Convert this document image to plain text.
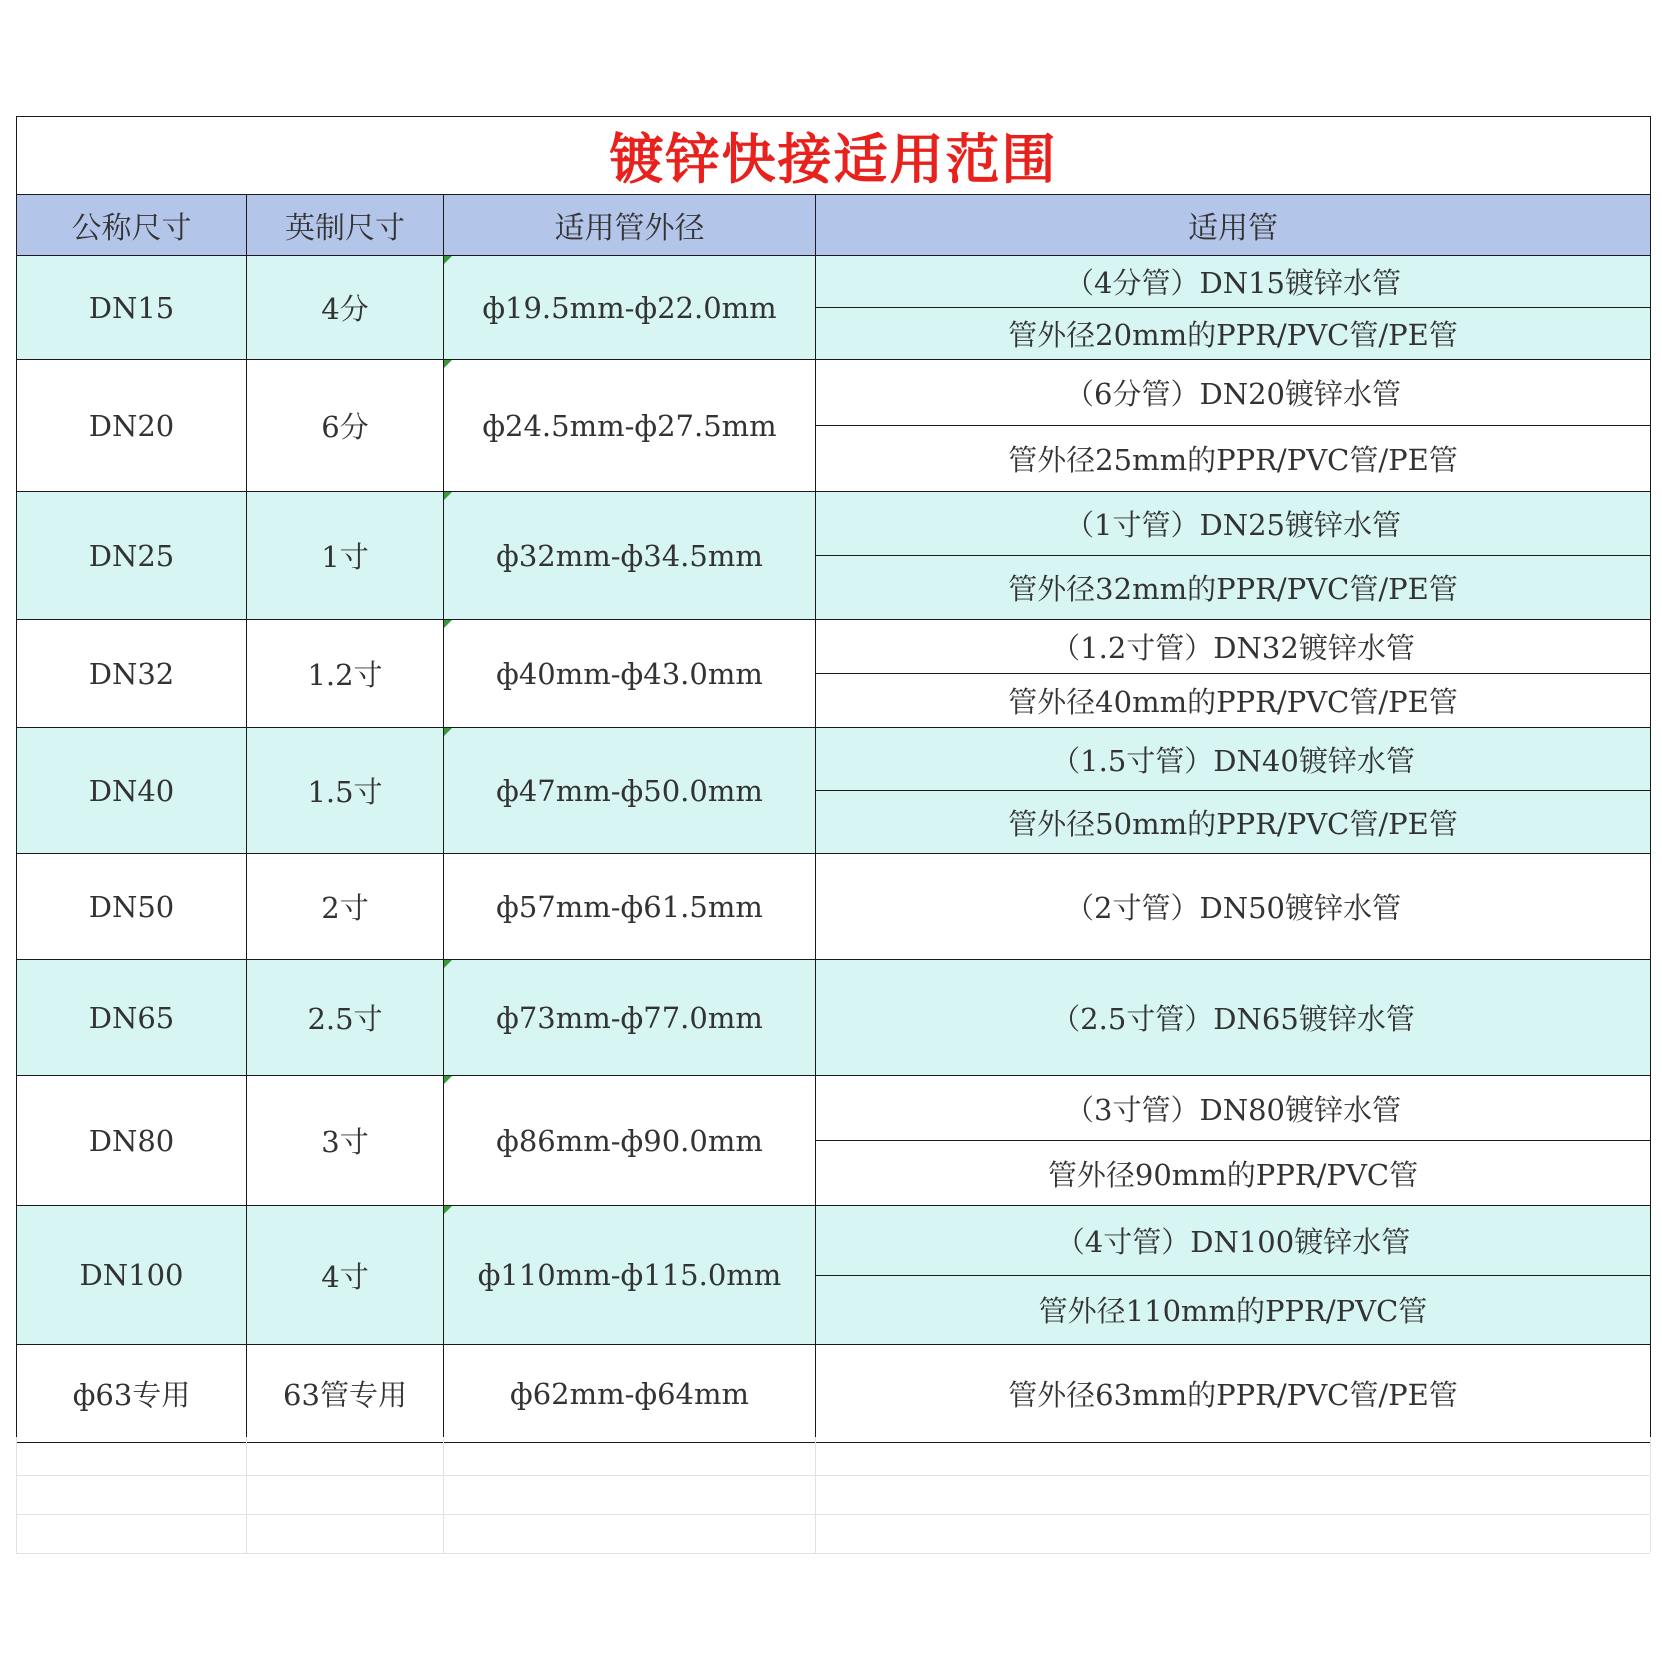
镀锌快接适用范围			
公称尺寸	英制尺寸	适用管外径	适用管
DN15	4分	ф19.5mm-ф22.0mm	（4分管）DN15镀锌水管
管外径20mm的PPR/PVC管/PE管

DN20	6分	ф24.5mm-ф27.5mm	（6分管）DN20镀锌水管
管外径25mm的PPR/PVC管/PE管

DN25	1寸	ф32mm-ф34.5mm	（1寸管）DN25镀锌水管
管外径32mm的PPR/PVC管/PE管

DN32	1.2寸	ф40mm-ф43.0mm	（1.2寸管）DN32镀锌水管
管外径40mm的PPR/PVC管/PE管

DN40	1.5寸	ф47mm-ф50.0mm	（1.5寸管）DN40镀锌水管
管外径50mm的PPR/PVC管/PE管

DN50	2寸	ф57mm-ф61.5mm	（2寸管）DN50镀锌水管

DN65	2.5寸	ф73mm-ф77.0mm	（2.5寸管）DN65镀锌水管

DN80	3寸	ф86mm-ф90.0mm	（3寸管）DN80镀锌水管
管外径90mm的PPR/PVC管

DN100	4寸	ф110mm-ф115.0mm	（4寸管）DN100镀锌水管
管外径110mm的PPR/PVC管

ф63专用	63管专用	ф62mm-ф64mm	管外径63mm的PPR/PVC管/PE管
